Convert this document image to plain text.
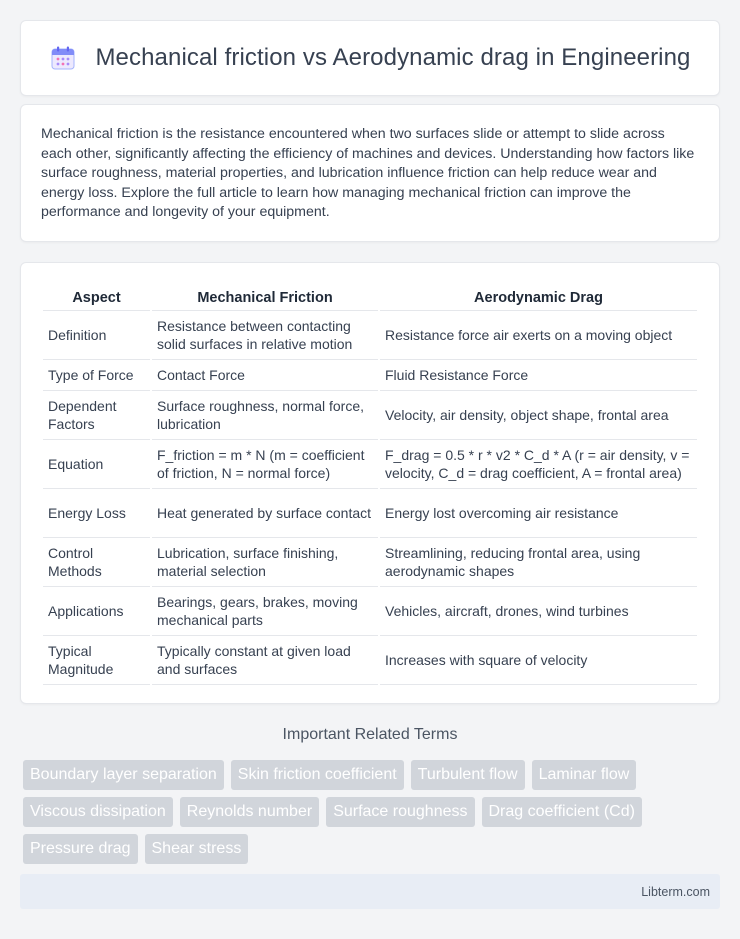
Mechanical friction vs Aerodynamic drag in Engineering

Mechanical friction is the resistance encountered when two surfaces slide or attempt to slide across each other, significantly affecting the efficiency of machines and devices. Understanding how factors like surface roughness, material properties, and lubrication influence friction can help reduce wear and energy loss. Explore the full article to learn how managing mechanical friction can improve the performance and longevity of your equipment.

Aspect	Mechanical Friction	Aerodynamic Drag
Definition	Resistance between contacting solid surfaces in relative motion	Resistance force air exerts on a moving object
Type of Force	Contact Force	Fluid Resistance Force
Dependent Factors	Surface roughness, normal force, lubrication	Velocity, air density, object shape, frontal area
Equation	F_friction = m * N (m = coefficient of friction, N = normal force)	F_drag = 0.5 * r * v2 * C_d * A (r = air density, v = velocity, C_d = drag coefficient, A = frontal area)
Energy Loss	Heat generated by surface contact	Energy lost overcoming air resistance
Control Methods	Lubrication, surface finishing, material selection	Streamlining, reducing frontal area, using aerodynamic shapes
Applications	Bearings, gears, brakes, moving mechanical parts	Vehicles, aircraft, drones, wind turbines
Typical Magnitude	Typically constant at given load and surfaces	Increases with square of velocity
Important Related Terms
Boundary layer separation	Skin friction coefficient	Turbulent flow	Laminar flow
Viscous dissipation	Reynolds number	Surface roughness	Drag coefficient (Cd)
Pressure drag	Shear stress
Libterm.com
